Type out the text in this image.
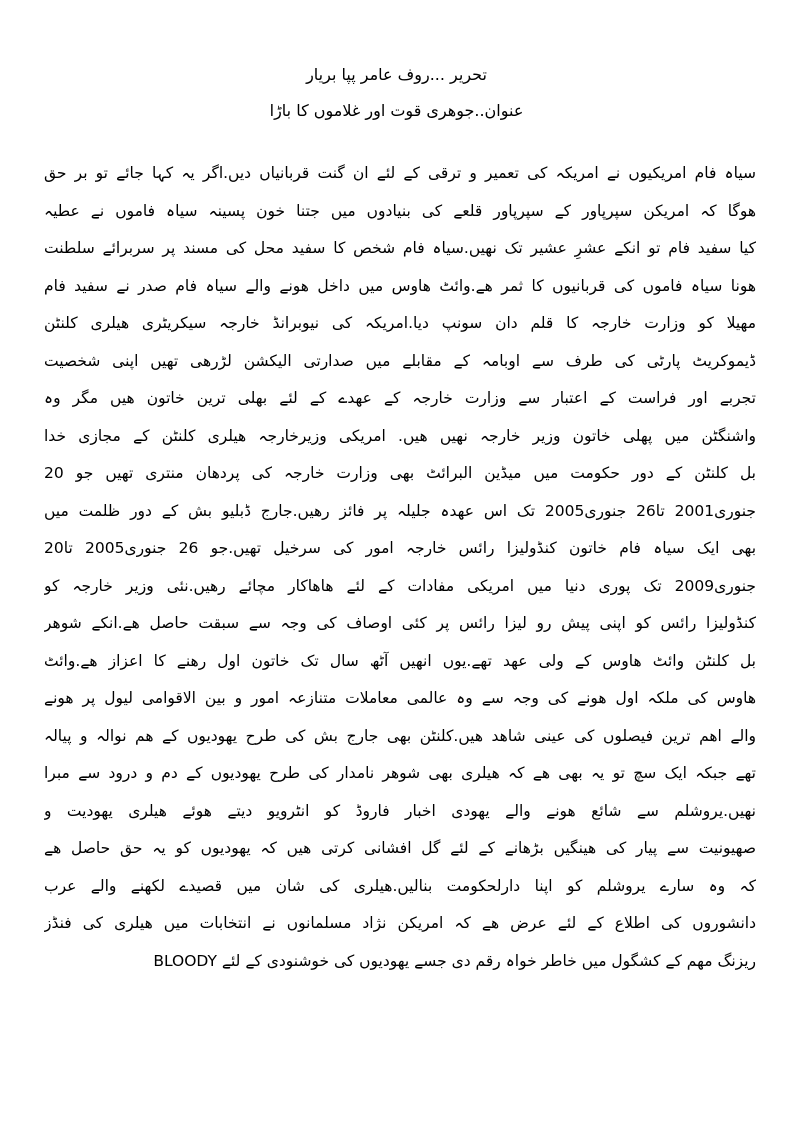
تحریر ...روف عامر پپا بریار
عنوان..جوھری قوت اور غلاموں کا باڑا
سیاہ فام امریکیوں نے امریکہ کی تعمیر و ترقی کے لئے ان گنت قربانیاں دیں.اگر یہ کہا جائے تو بر حق
ھوگا کہ امریکن سپرپاور کے سپرپاور قلعے کی بنیادوں میں جتنا خون پسینہ سیاہ فاموں نے عطیہ
کیا سفید فام تو انکے عشرِ عشیر تک نھیں.سیاہ فام شخص کا سفید محل کی مسند پر سربرائے سلطنت
ھونا سیاہ فاموں کی قربانیوں کا ثمر ھے.وائٹ ھاوس میں داخل ھونے والے سیاہ فام صدر نے سفید فام
مھیلا کو وزارت خارجہ کا قلم دان سونپ دیا.امریکہ کی نیوبرانڈ خارجہ سیکریٹری ھیلری کلنٹن
ڈیموکریٹ پارٹی کی طرف سے اوبامہ کے مقابلے میں صدارتی الیکشن لڑرھی تھیں اپنی شخصیت
تجربے اور فراست کے اعتبار سے وزارت خارجہ کے عھدے کے لئے بھلی ترین خاتون ھیں مگر وہ
واشنگٹن میں پھلی خاتون وزیر خارجہ نھیں ھیں. امریکی وزیرخارجہ ھیلری کلنٹن کے مجازی خدا
بل کلنٹن کے دور حکومت میں میڈین البرائٹ بھی وزارت خارجہ کی پردھان منتری تھیں جو 20
جنوری2001 تا26 جنوری2005 تک اس عھدہ جلیلہ پر فائز رھیں.جارج ڈبلیو بش کے دور ظلمت میں
بھی ایک سیاہ فام خاتون کنڈولیزا رائس خارجہ امور کی سرخیل تھیں.جو 26 جنوری2005 تا20
جنوری2009 تک پوری دنیا میں امریکی مفادات کے لئے ھاھاکار مچائے رھیں.نئی وزیر خارجہ کو
کنڈولیزا رائس کو اپنی پیش رو لیزا رائس پر کئی اوصاف کی وجہ سے سبقت حاصل ھے.انکے شوھر
بل کلنٹن وائٹ ھاوس کے ولی عھد تھے.یوں انھیں آٹھ سال تک خاتون اول رھنے کا اعزاز ھے.وائٹ
ھاوس کی ملکہ اول ھونے کی وجہ سے وہ عالمی معاملات متنازعہ امور و بین الاقوامی لیول پر ھونے
والے اھم ترین فیصلوں کی عینی شاھد ھیں.کلنٹن بھی جارج بش کی طرح یھودیوں کے ھم نوالہ و پیالہ
تھے جبکہ ایک سچ تو یہ بھی ھے کہ ھیلری بھی شوھر نامدار کی طرح یھودیوں کے دم و درود سے مبرا
نھیں.یروشلم سے شائع ھونے والے یھودی اخبار فاروڈ کو انٹرویو دیتے ھوئے ھیلری یھودیت و
صھیونیت سے پیار کی ھینگیں بڑھانے کے لئے گل افشانی کرتی ھیں کہ یھودیوں کو یہ حق حاصل ھے
کہ وہ سارے یروشلم کو اپنا دارلحکومت بنالیں.ھیلری کی شان میں قصیدے لکھنے والے عرب
دانشوروں کی اطلاع کے لئے عرض ھے کہ امریکن نژاد مسلمانوں نے انتخابات میں ھیلری کی فنڈز
ریزنگ مھم کے کشگول میں خاطر خواہ رقم دی جسے یھودیوں کی خوشنودی کے لئے BLOODY
